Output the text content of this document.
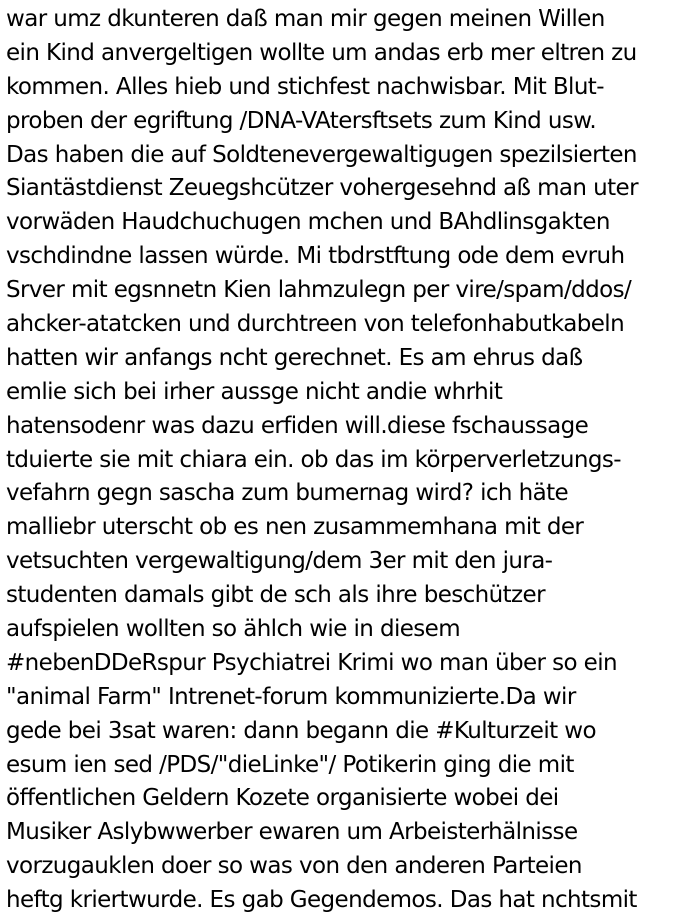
war umz dkunteren daß man mir gegen meinen Willen
ein Kind anvergeltigen wollte um andas erb mer eltren zu
kommen. Alles hieb und stichfest nachwisbar. Mit Blut-
proben der egriftung /DNA-VAtersftsets zum Kind usw.
Das haben die auf Soldtenevergewaltigugen spezilsierten
Siantästdienst Zeuegshcützer vohergesehnd aß man uter
vorwäden Haudchuchugen mchen und BAhdlinsgakten
vschdindne lassen würde. Mi tbdrstftung ode dem evruh
Srver mit egsnnetn Kien lahmzulegn per vire/spam/ddos/
ahcker-atatcken und durchtreen von telefonhabutkabeln
hatten wir anfangs ncht gerechnet. Es am ehrus daß
emlie sich bei irher aussge nicht andie whrhit
hatensodenr was dazu erfiden will.diese fschaussage
tduierte sie mit chiara ein. ob das im körperverletzungs-
vefahrn gegn sascha zum bumernag wird? ich häte
malliebr uterscht ob es nen zusammemhana mit der
vetsuchten vergewaltigung/dem 3er mit den jura-
studenten damals gibt de sch als ihre beschützer
aufspielen wollten so ählch wie in diesem
#nebenDDeRspur Psychiatrei Krimi wo man über so ein
"animal Farm" Intrenet-forum kommunizierte.Da wir
gede bei 3sat waren: dann begann die #Kulturzeit wo
esum ien sed /PDS/"dieLinke"/ Potikerin ging die mit
öffentlichen Geldern Kozete organisierte wobei dei
Musiker Aslybwwerber ewaren um Arbeisterhälnisse
vorzugauklen doer so was von den anderen Parteien
heftg kriertwurde. Es gab Gegendemos. Das hat nchtsmit
